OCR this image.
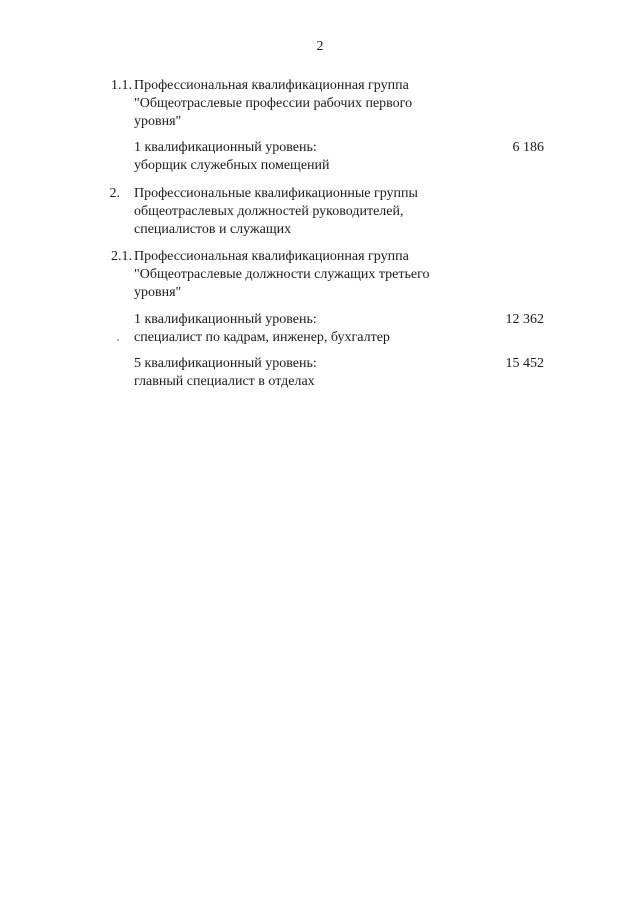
2
1.1. Профессиональная квалификационная группа
"Общеотраслевые профессии рабочих первого
уровня"
1 квалификационный уровень:
уборщик служебных помещений
6 186
2. Профессиональные квалификационные группы
общеотраслевых должностей руководителей,
специалистов и служащих
2.1. Профессиональная квалификационная группа
"Общеотраслевые должности служащих третьего
уровня"
1 квалификационный уровень:
специалист по кадрам, инженер, бухгалтер
12 362
5 квалификационный уровень:
главный специалист в отделах
15 452
